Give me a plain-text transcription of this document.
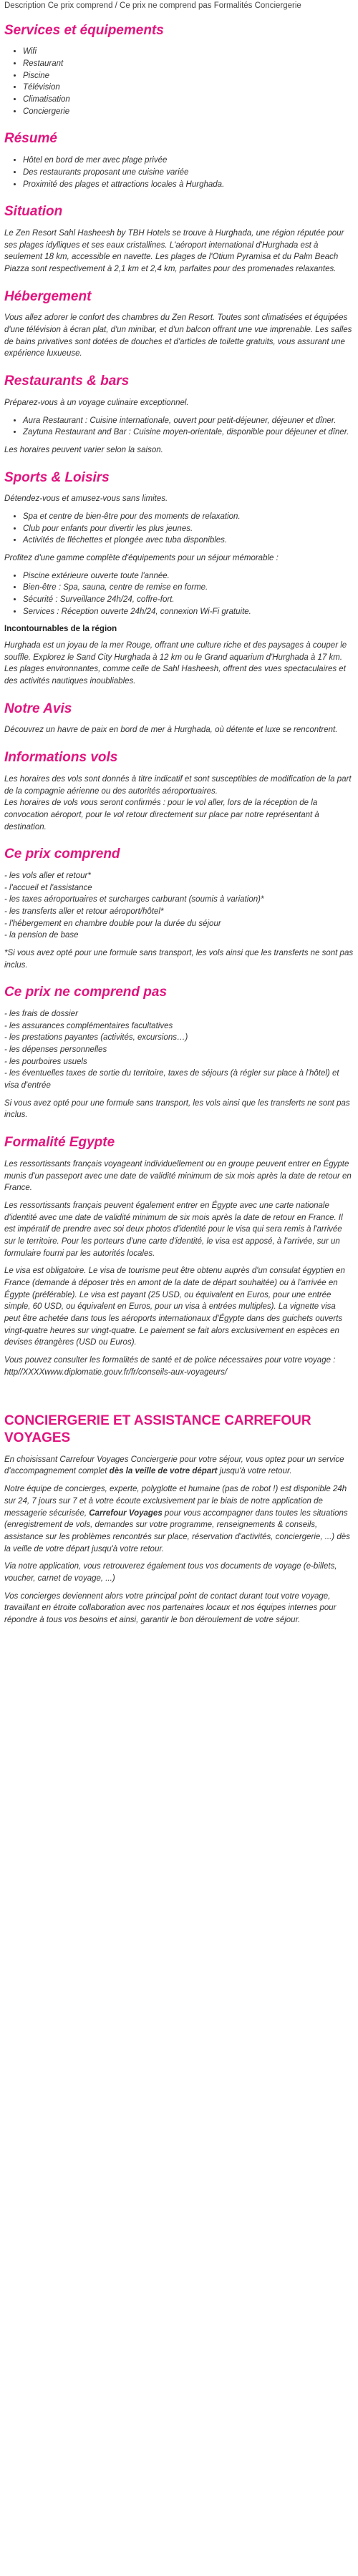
Description Ce prix comprend / Ce prix ne comprend pas Formalités Conciergerie
Services et équipements
• Wifi
• Restaurant
• Piscine
• Télévision
• Climatisation
• Conciergerie
Résumé
• Hôtel en bord de mer avec plage privée
• Des restaurants proposant une cuisine variée
• Proximité des plages et attractions locales à Hurghada.
Situation

Le Zen Resort Sahl Hasheesh by TBH Hotels se trouve à Hurghada, une région réputée pour ses plages idylliques et ses eaux cristallines. L'aéroport international d'Hurghada est à seulement 18 km, accessible en navette. Les plages de l'Otium Pyramisa et du Palm Beach Piazza sont respectivement à 2,1 km et 2,4 km, parfaites pour des promenades relaxantes.

Hébergement

Vous allez adorer le confort des chambres du Zen Resort. Toutes sont climatisées et équipées d'une télévision à écran plat, d'un minibar, et d'un balcon offrant une vue imprenable. Les salles de bains privatives sont dotées de douches et d'articles de toilette gratuits, vous assurant une expérience luxueuse.

Restaurants & bars

Préparez-vous à un voyage culinaire exceptionnel.

• Aura Restaurant : Cuisine internationale, ouvert pour petit-déjeuner, déjeuner et dîner.
• Zaytuna Restaurant and Bar : Cuisine moyen-orientale, disponible pour déjeuner et dîner.

Les horaires peuvent varier selon la saison.

Sports & Loisirs

Détendez-vous et amusez-vous sans limites.

• Spa et centre de bien-être pour des moments de relaxation.
• Club pour enfants pour divertir les plus jeunes.
• Activités de fléchettes et plongée avec tuba disponibles.

Profitez d'une gamme complète d'équipements pour un séjour mémorable :

• Piscine extérieure ouverte toute l'année.
• Bien-être : Spa, sauna, centre de remise en forme.
• Sécurité : Surveillance 24h/24, coffre-fort.
• Services : Réception ouverte 24h/24, connexion Wi-Fi gratuite.
Incontournables de la région

Hurghada est un joyau de la mer Rouge, offrant une culture riche et des paysages à couper le souffle. Explorez le Sand City Hurghada à 12 km ou le Grand aquarium d'Hurghada à 17 km. Les plages environnantes, comme celle de Sahl Hasheesh, offrent des vues spectaculaires et des activités nautiques inoubliables.

Notre Avis

Découvrez un havre de paix en bord de mer à Hurghada, où détente et luxe se rencontrent.

Informations vols

Les horaires des vols sont donnés à titre indicatif et sont susceptibles de modification de la part de la compagnie aérienne ou des autorités aéroportuaires.

Les horaires de vols vous seront confirmés : pour le vol aller, lors de la réception de la convocation aéroport, pour le vol retour directement sur place par notre représentant à destination.

Ce prix comprend
- les vols aller et retour*
- l'accueil et l'assistance
- les taxes aéroportuaires et surcharges carburant (soumis à variation)*
- les transferts aller et retour aéroport/hôtel*
- l'hébergement en chambre double pour la durée du séjour
- la pension de base

*Si vous avez opté pour une formule sans transport, les vols ainsi que les transferts ne sont pas inclus.

Ce prix ne comprend pas
- les frais de dossier
- les assurances complémentaires facultatives
- les prestations payantes (activités, excursions…)
- les dépenses personnelles
- les pourboires usuels
- les éventuelles taxes de sortie du territoire, taxes de séjours (à régler sur place à l'hôtel) et visa d'entrée

Si vous avez opté pour une formule sans transport, les vols ainsi que les transferts ne sont pas inclus.

Formalité Egypte

Les ressortissants français voyageant individuellement ou en groupe peuvent entrer en Égypte munis d'un passeport avec une date de validité minimum de six mois après la date de retour en France.

Les ressortissants français peuvent également entrer en Égypte avec une carte nationale d'identité avec une date de validité minimum de six mois après la date de retour en France. Il est impératif de prendre avec soi deux photos d'identité pour le visa qui sera remis à l'arrivée sur le territoire. Pour les porteurs d'une carte d'identité, le visa est apposé, à l'arrivée, sur un formulaire fourni par les autorités locales.

Le visa est obligatoire. Le visa de tourisme peut être obtenu auprès d'un consulat égyptien en France (demande à déposer très en amont de la date de départ souhaitée) ou à l'arrivée en Égypte (préférable). Le visa est payant (25 USD, ou équivalent en Euros, pour une entrée simple, 60 USD, ou équivalent en Euros, pour un visa à entrées multiples). La vignette visa peut être achetée dans tous les aéroports internationaux d'Égypte dans des guichets ouverts vingt-quatre heures sur vingt-quatre. Le paiement se fait alors exclusivement en espèces en devises étrangères (USD ou Euros).

Vous pouvez consulter les formalités de santé et de police nécessaires pour votre voyage :

http//XXXXwww.diplomatie.gouv.fr/fr/conseils-aux-voyageurs/

CONCIERGERIE ET ASSISTANCE CARREFOUR VOYAGES

En choisissant Carrefour Voyages Conciergerie pour votre séjour, vous optez pour un service d'accompagnement complet dès la veille de votre départ jusqu'à votre retour.

Notre équipe de concierges, experte, polyglotte et humaine (pas de robot !) est disponible 24h sur 24, 7 jours sur 7 et à votre écoute exclusivement par le biais de notre application de messagerie sécurisée, Carrefour Voyages pour vous accompagner dans toutes les situations (enregistrement de vols, demandes sur votre programme, renseignements & conseils, assistance sur les problèmes rencontrés sur place, réservation d'activités, conciergerie, ...) dès la veille de votre départ jusqu'à votre retour.

Via notre application, vous retrouverez également tous vos documents de voyage (e-billets, voucher, carnet de voyage, ...)

Vos concierges deviennent alors votre principal point de contact durant tout votre voyage, travaillant en étroite collaboration avec nos partenaires locaux et nos équipes internes pour répondre à tous vos besoins et ainsi, garantir le bon déroulement de votre séjour.
